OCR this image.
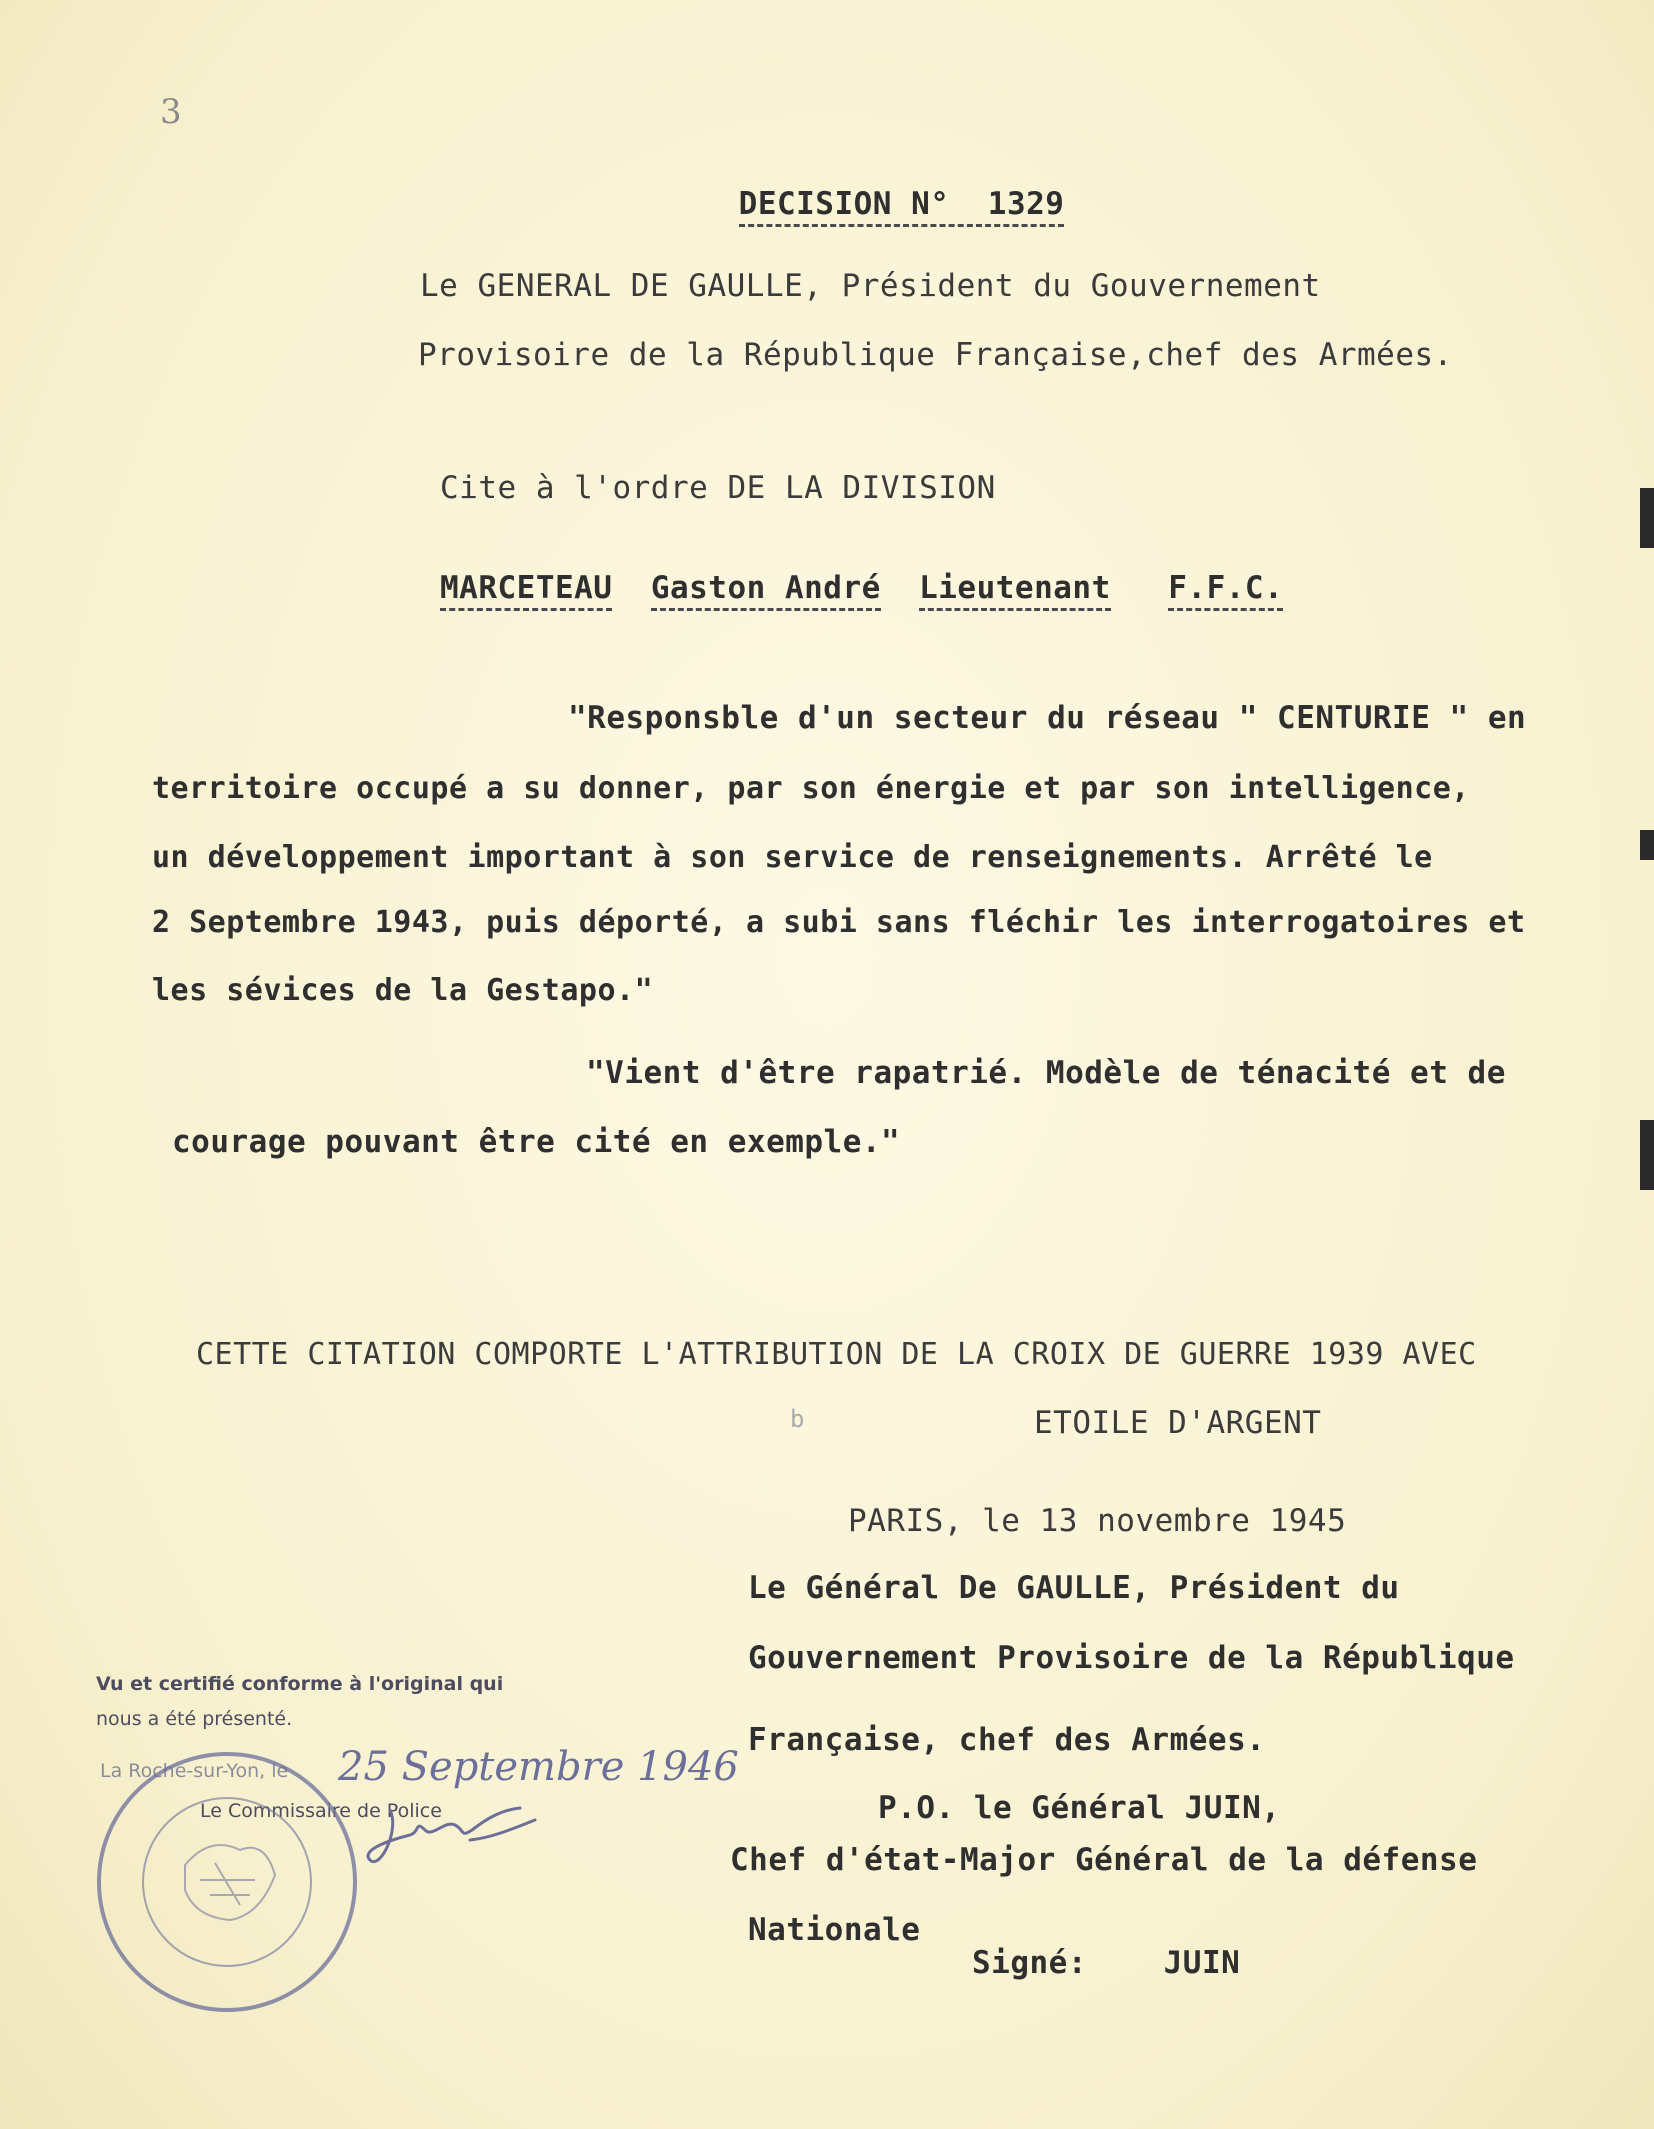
3

DECISION N°  1329

Le GENERAL DE GAULLE, Président du Gouvernement
Provisoire de la République Française,chef des Armées.
Cite à l'ordre DE LA DIVISION
MARCETEAU Gaston André Lieutenant F.F.C.
"Responsble d'un secteur du réseau " CENTURIE " en
territoire occupé a su donner, par son énergie et par son intelligence,
un développement important à son service de renseignements. Arrêté le
2 Septembre 1943, puis déporté, a subi sans fléchir les interrogatoires et
les sévices de la Gestapo."
"Vient d'être rapatrié. Modèle de ténacité et de
courage pouvant être cité en exemple."
CETTE CITATION COMPORTE L'ATTRIBUTION DE LA CROIX DE GUERRE 1939 AVEC
b	ETOILE D'ARGENT
PARIS, le 13 novembre 1945
Le Général De GAULLE, Président du
Gouvernement Provisoire de la République
Française, chef des Armées.
P.O. le Général JUIN,
Chef d'état-Major Général de la défense
Nationale
Signé: JUIN
Vu et certifié conforme à l'original qui
nous a été présenté.
La Roche-sur-Yon, le 25 Septembre 1946
Le Commissaire de Police
